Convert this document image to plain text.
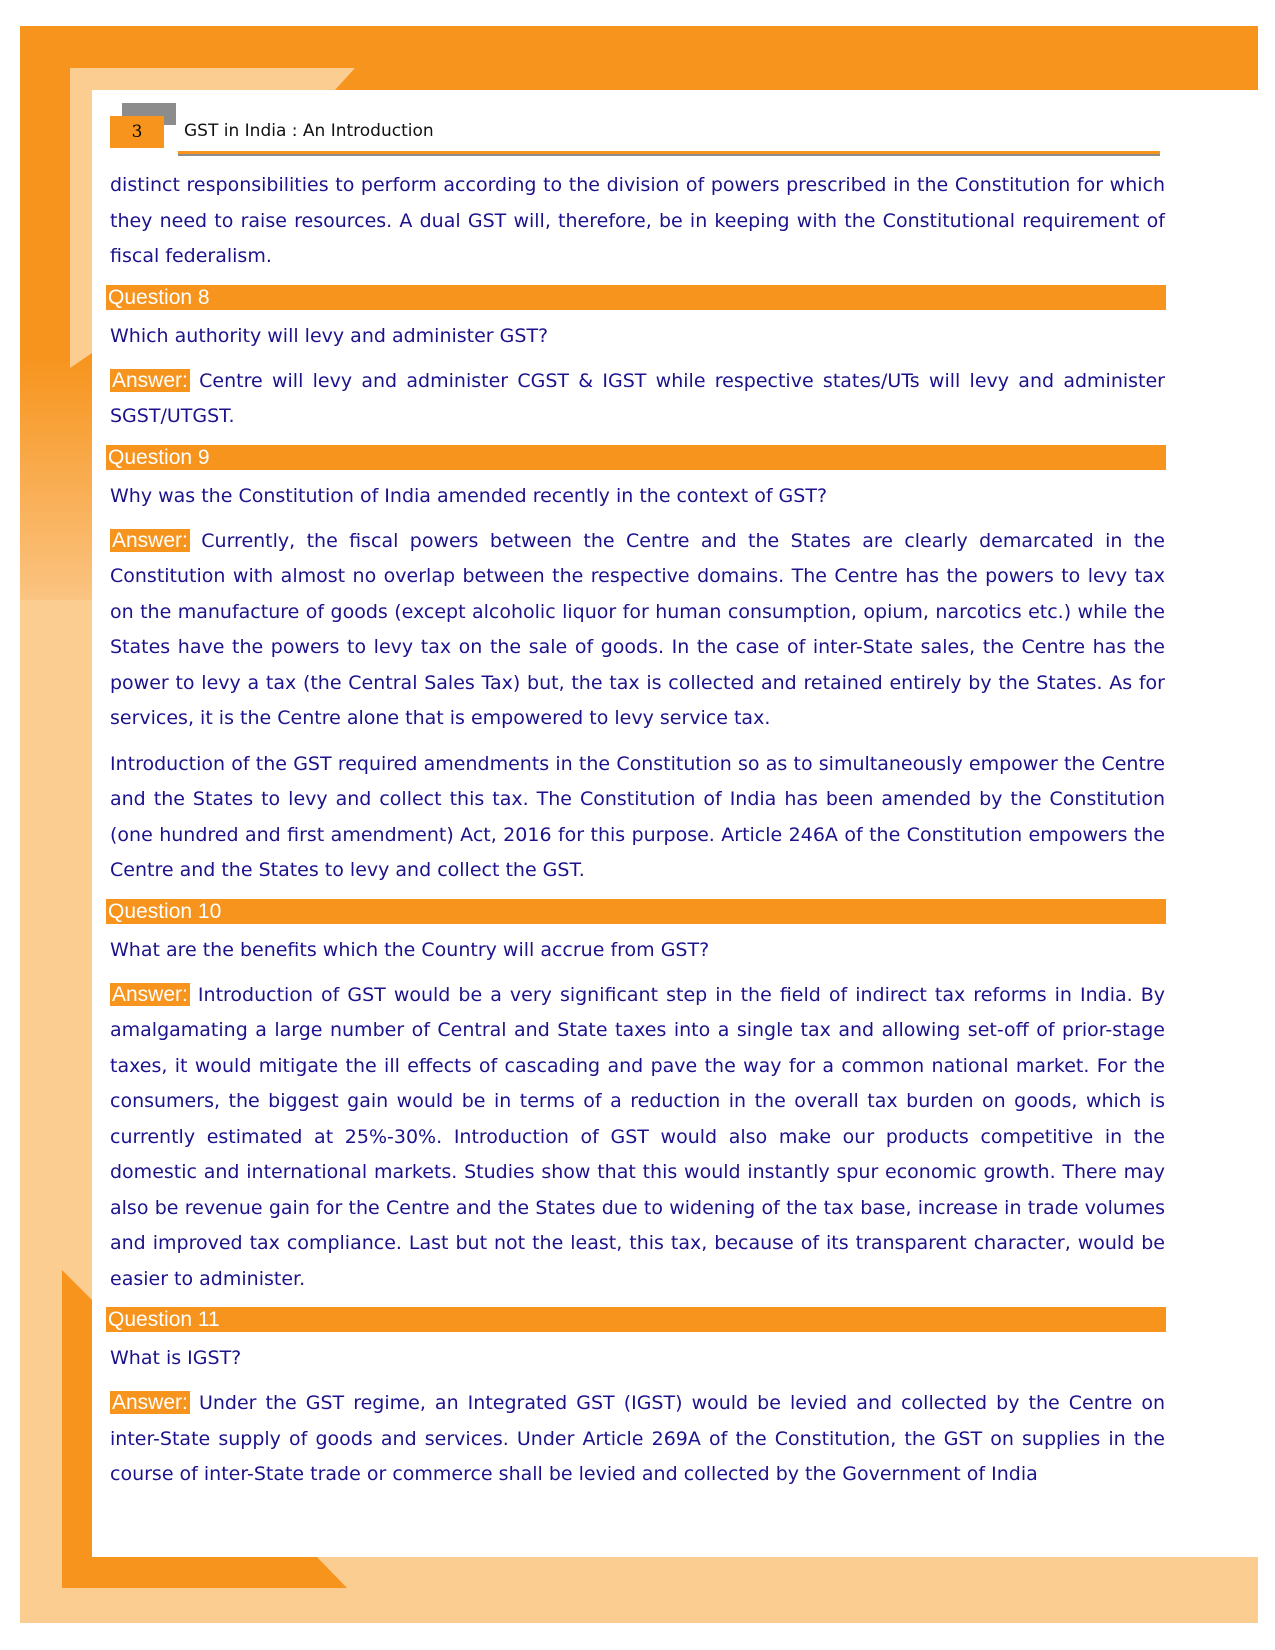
3	GST in India : An Introduction

distinct responsibilities to perform according to the division of powers prescribed in the Constitution for which they need to raise resources. A dual GST will, therefore, be in keeping with the Constitutional requirement of fiscal federalism.

Question 8

Which authority will levy and administer GST?

Answer: Centre will levy and administer CGST & IGST while respective states/UTs will levy and administer SGST/UTGST.

Question 9

Why was the Constitution of India amended recently in the context of GST?

Answer: Currently, the fiscal powers between the Centre and the States are clearly demarcated in the Constitution with almost no overlap between the respective domains. The Centre has the powers to levy tax on the manufacture of goods (except alcoholic liquor for human consumption, opium, narcotics etc.) while the States have the powers to levy tax on the sale of goods. In the case of inter-State sales, the Centre has the power to levy a tax (the Central Sales Tax) but, the tax is collected and retained entirely by the States. As for services, it is the Centre alone that is empowered to levy service tax.

Introduction of the GST required amendments in the Constitution so as to simultaneously empower the Centre and the States to levy and collect this tax. The Constitution of India has been amended by the Constitution (one hundred and first amendment) Act, 2016 for this purpose. Article 246A of the Constitution empowers the Centre and the States to levy and collect the GST.

Question 10

What are the benefits which the Country will accrue from GST?

Answer: Introduction of GST would be a very significant step in the field of indirect tax reforms in India. By amalgamating a large number of Central and State taxes into a single tax and allowing set-off of prior-stage taxes, it would mitigate the ill effects of cascading and pave the way for a common national market. For the consumers, the biggest gain would be in terms of a reduction in the overall tax burden on goods, which is currently estimated at 25%-30%. Introduction of GST would also make our products competitive in the domestic and international markets. Studies show that this would instantly spur economic growth. There may also be revenue gain for the Centre and the States due to widening of the tax base, increase in trade volumes and improved tax compliance. Last but not the least, this tax, because of its transparent character, would be easier to administer.

Question 11

What is IGST?

Answer: Under the GST regime, an Integrated GST (IGST) would be levied and collected by the Centre on inter-State supply of goods and services. Under Article 269A of the Constitution, the GST on supplies in the course of inter-State trade or commerce shall be levied and collected by the Government of India
